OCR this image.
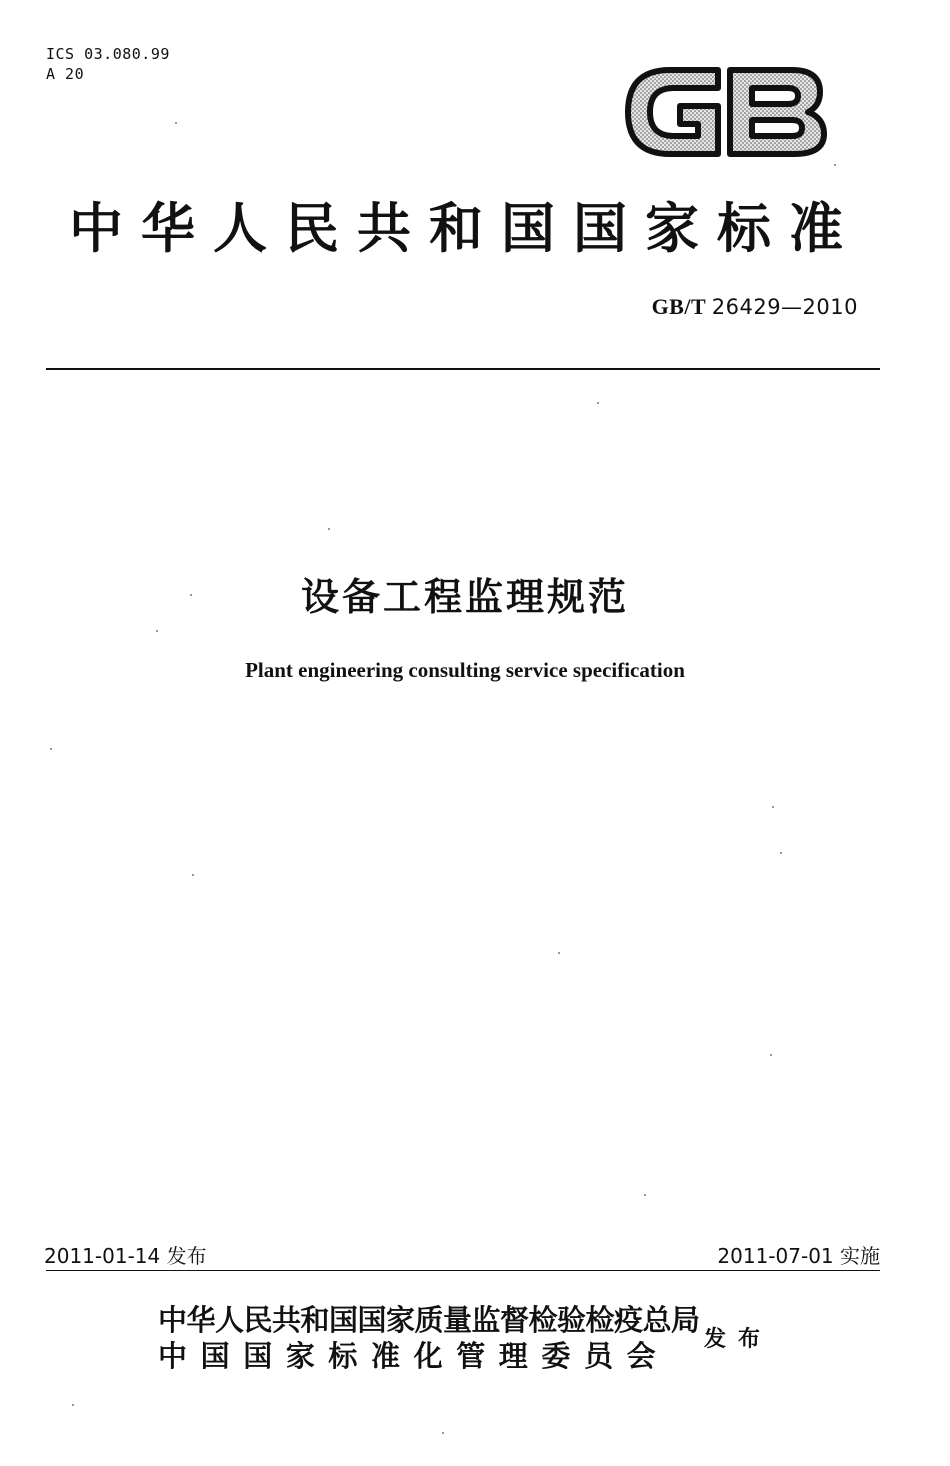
ICS 03.080.99
A 20
中华人民共和国国家标准
GB/T 26429—2010
设备工程监理规范
Plant engineering consulting service specification
2011-01-14 发布	2011-07-01 实施
中华人民共和国国家质量监督检验检疫总局
中国国家标准化管理委员会	发布
